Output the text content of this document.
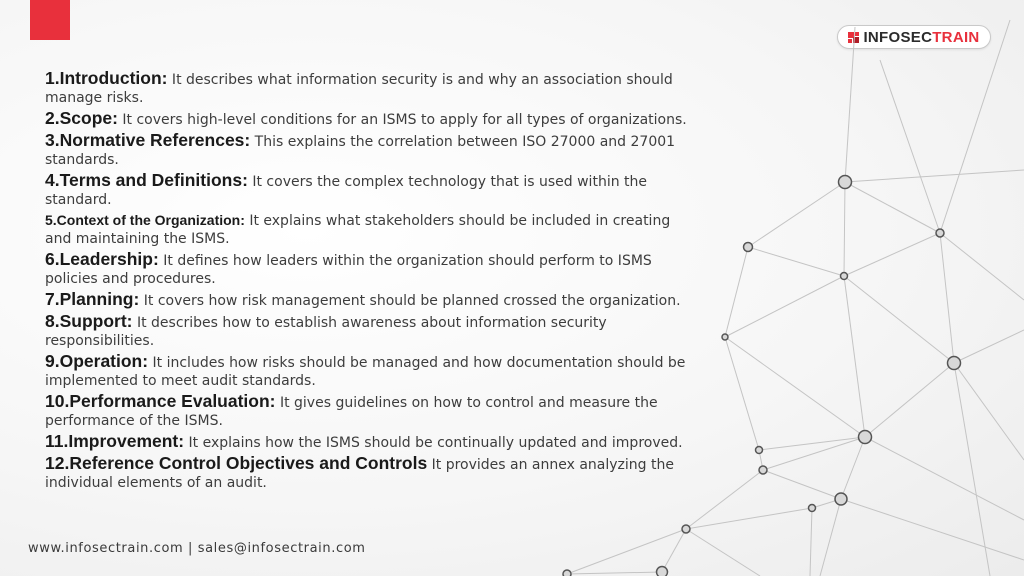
INFOSECTRAIN

1.Introduction: It describes what information security is and why an association should manage risks.

2.Scope: It covers high-level conditions for an ISMS to apply for all types of organizations.

3.Normative References: This explains the correlation between ISO 27000 and 27001 standards.

4.Terms and Definitions: It covers the complex technology that is used within the standard.

5.Context of the Organization: It explains what stakeholders should be included in creating and maintaining the ISMS.

6.Leadership: It defines how leaders within the organization should perform to ISMS policies and procedures.

7.Planning: It covers how risk management should be planned crossed the organization.

8.Support: It describes how to establish awareness about information security responsibilities.

9.Operation: It includes how risks should be managed and how documentation should be implemented to meet audit standards.

10.Performance Evaluation: It gives guidelines on how to control and measure the performance of the ISMS.

11.Improvement: It explains how the ISMS should be continually updated and improved.

12.Reference Control Objectives and Controls It provides an annex analyzing the individual elements of an audit.

www.infosectrain.com | sales@infosectrain.com
